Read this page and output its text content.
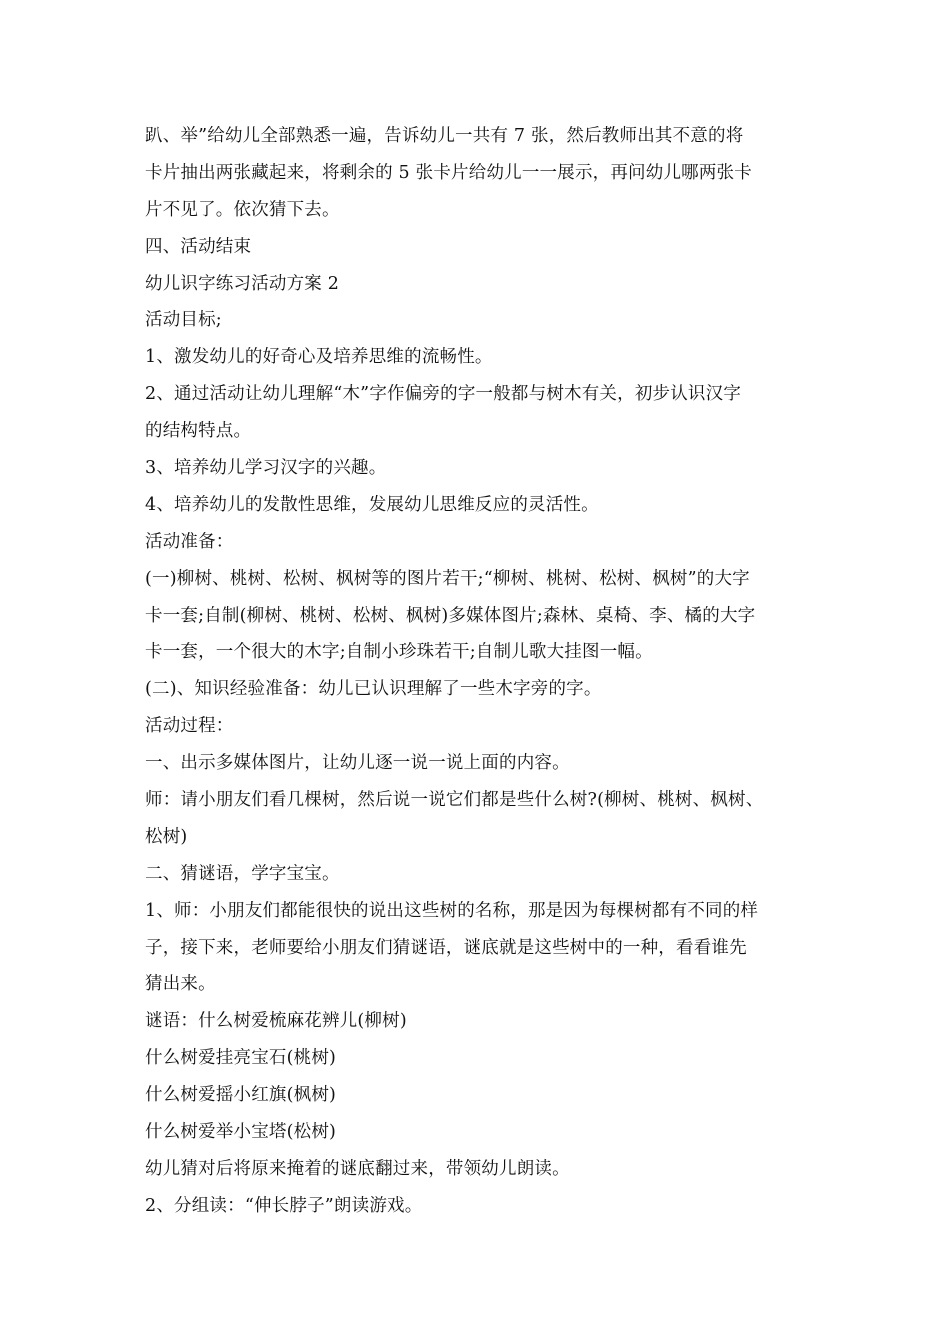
趴、举”给幼儿全部熟悉一遍，告诉幼儿一共有 7 张，然后教师出其不意的将
卡片抽出两张藏起来，将剩余的 5 张卡片给幼儿一一展示，再问幼儿哪两张卡
片不见了。依次猜下去。
四、活动结束
幼儿识字练习活动方案 2
活动目标;
1、激发幼儿的好奇心及培养思维的流畅性。
2、通过活动让幼儿理解“木”字作偏旁的字一般都与树木有关，初步认识汉字
的结构特点。
3、培养幼儿学习汉字的兴趣。
4、培养幼儿的发散性思维，发展幼儿思维反应的灵活性。
活动准备：
(一)柳树、桃树、松树、枫树等的图片若干;“柳树、桃树、松树、枫树”的大字
卡一套;自制(柳树、桃树、松树、枫树)多媒体图片;森林、桌椅、李、橘的大字
卡一套，一个很大的木字;自制小珍珠若干;自制儿歌大挂图一幅。
(二)、知识经验准备：幼儿已认识理解了一些木字旁的字。
活动过程：
一、出示多媒体图片，让幼儿逐一说一说上面的内容。
师：请小朋友们看几棵树，然后说一说它们都是些什么树?(柳树、桃树、枫树、
松树)
二、猜谜语，学字宝宝。
1、师：小朋友们都能很快的说出这些树的名称，那是因为每棵树都有不同的样
子，接下来，老师要给小朋友们猜谜语，谜底就是这些树中的一种，看看谁先
猜出来。
谜语：什么树爱梳麻花辨儿(柳树)
什么树爱挂亮宝石(桃树)
什么树爱摇小红旗(枫树)
什么树爱举小宝塔(松树)
幼儿猜对后将原来掩着的谜底翻过来，带领幼儿朗读。
2、分组读：“伸长脖子”朗读游戏。
